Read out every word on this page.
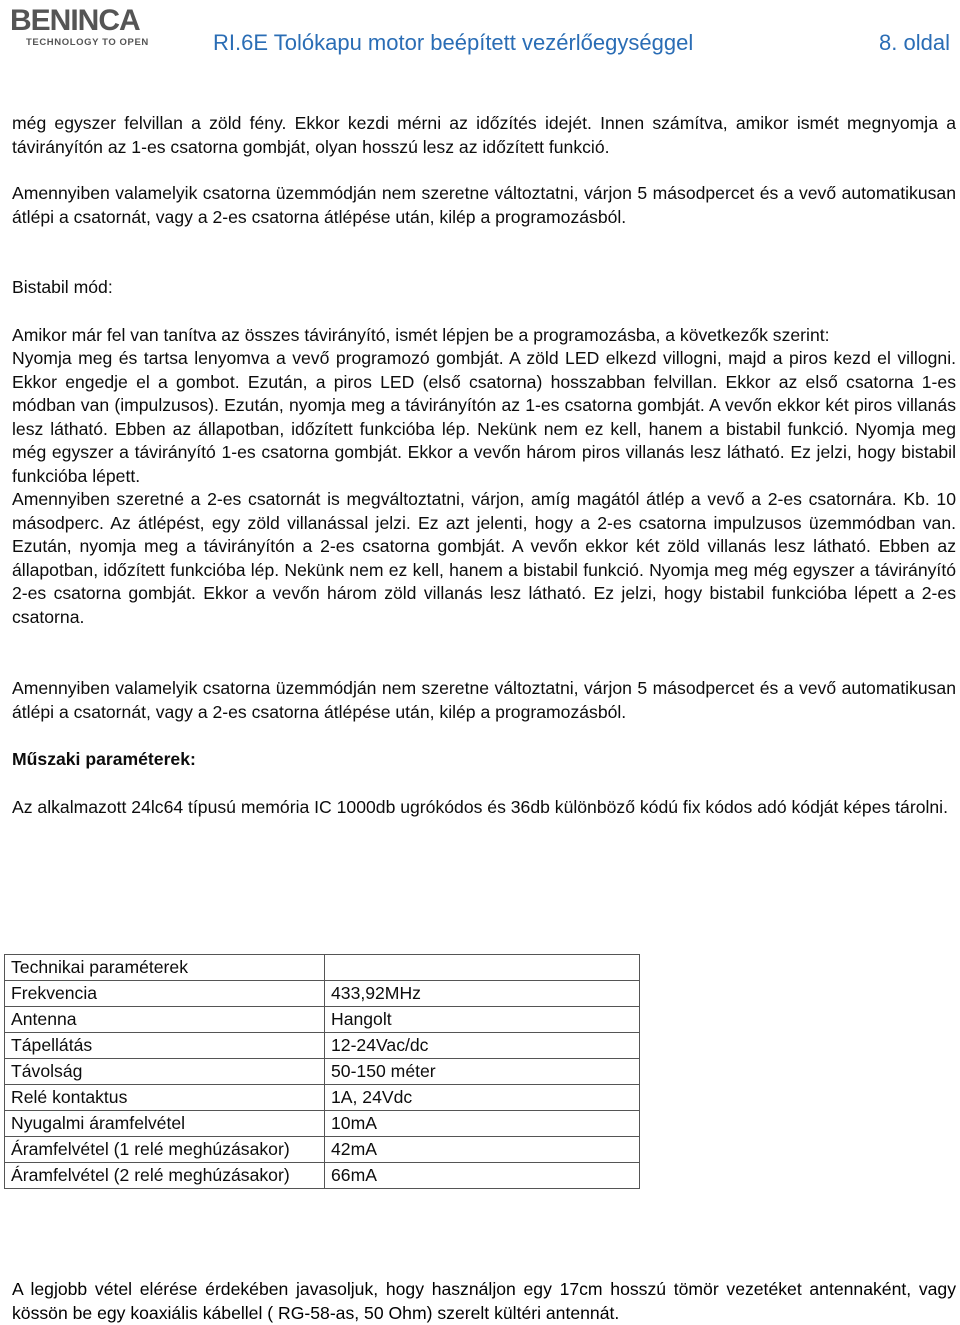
BENINCA
TECHNOLOGY TO OPEN	RI.6E Tolókapu motor beépített vezérlőegységgel	8. oldal

még egyszer felvillan a zöld fény. Ekkor kezdi mérni az időzítés idejét. Innen számítva, amikor ismét megnyomja a távirányítón az 1-es csatorna gombját, olyan hosszú lesz az időzített funkció.

Amennyiben valamelyik csatorna üzemmódján nem szeretne változtatni, várjon 5 másodpercet és a vevő automatikusan átlépi a csatornát, vagy a 2-es csatorna átlépése után, kilép a programozásból.

Bistabil mód:

Amikor már fel van tanítva az összes távirányító, ismét lépjen be a programozásba, a következők szerint:

Nyomja meg és tartsa lenyomva a vevő programozó gombját. A zöld LED elkezd villogni, majd a piros kezd el villogni. Ekkor engedje el a gombot. Ezután, a piros LED (első csatorna) hosszabban felvillan. Ekkor az első csatorna 1-es módban van (impulzusos). Ezután, nyomja meg a távirányítón az 1-es csatorna gombját. A vevőn ekkor két piros villanás lesz látható. Ebben az állapotban, időzített funkcióba lép. Nekünk nem ez kell, hanem a bistabil funkció. Nyomja meg még egyszer a távirányító 1-es csatorna gombját. Ekkor a vevőn három piros villanás lesz látható. Ez jelzi, hogy bistabil funkcióba lépett.

Amennyiben szeretné a 2-es csatornát is megváltoztatni, várjon, amíg magától átlép a vevő a 2-es csatornára. Kb. 10 másodperc. Az átlépést, egy zöld villanással jelzi. Ez azt jelenti, hogy a 2-es csatorna impulzusos üzemmódban van. Ezután, nyomja meg a távirányítón a 2-es csatorna gombját. A vevőn ekkor két zöld villanás lesz látható. Ebben az állapotban, időzített funkcióba lép. Nekünk nem ez kell, hanem a bistabil funkció. Nyomja meg még egyszer a távirányító 2-es csatorna gombját. Ekkor a vevőn három zöld villanás lesz látható. Ez jelzi, hogy bistabil funkcióba lépett a 2-es csatorna.

Amennyiben valamelyik csatorna üzemmódján nem szeretne változtatni, várjon 5 másodpercet és a vevő automatikusan átlépi a csatornát, vagy a 2-es csatorna átlépése után, kilép a programozásból.

Műszaki paraméterek:

Az alkalmazott 24lc64 típusú memória IC 1000db ugrókódos és 36db különböző kódú fix kódos adó kódját képes tárolni.

Technikai paraméterek	
Frekvencia	433,92MHz
Antenna	Hangolt
Tápellátás	12-24Vac/dc
Távolság	50-150 méter
Relé kontaktus	1A, 24Vdc
Nyugalmi áramfelvétel	10mA
Áramfelvétel (1 relé meghúzásakor)	42mA
Áramfelvétel (2 relé meghúzásakor)	66mA

A legjobb vétel elérése érdekében javasoljuk, hogy használjon egy 17cm hosszú tömör vezetéket antennaként, vagy kössön be egy koaxiális kábellel ( RG-58-as, 50 Ohm) szerelt kültéri antennát.
